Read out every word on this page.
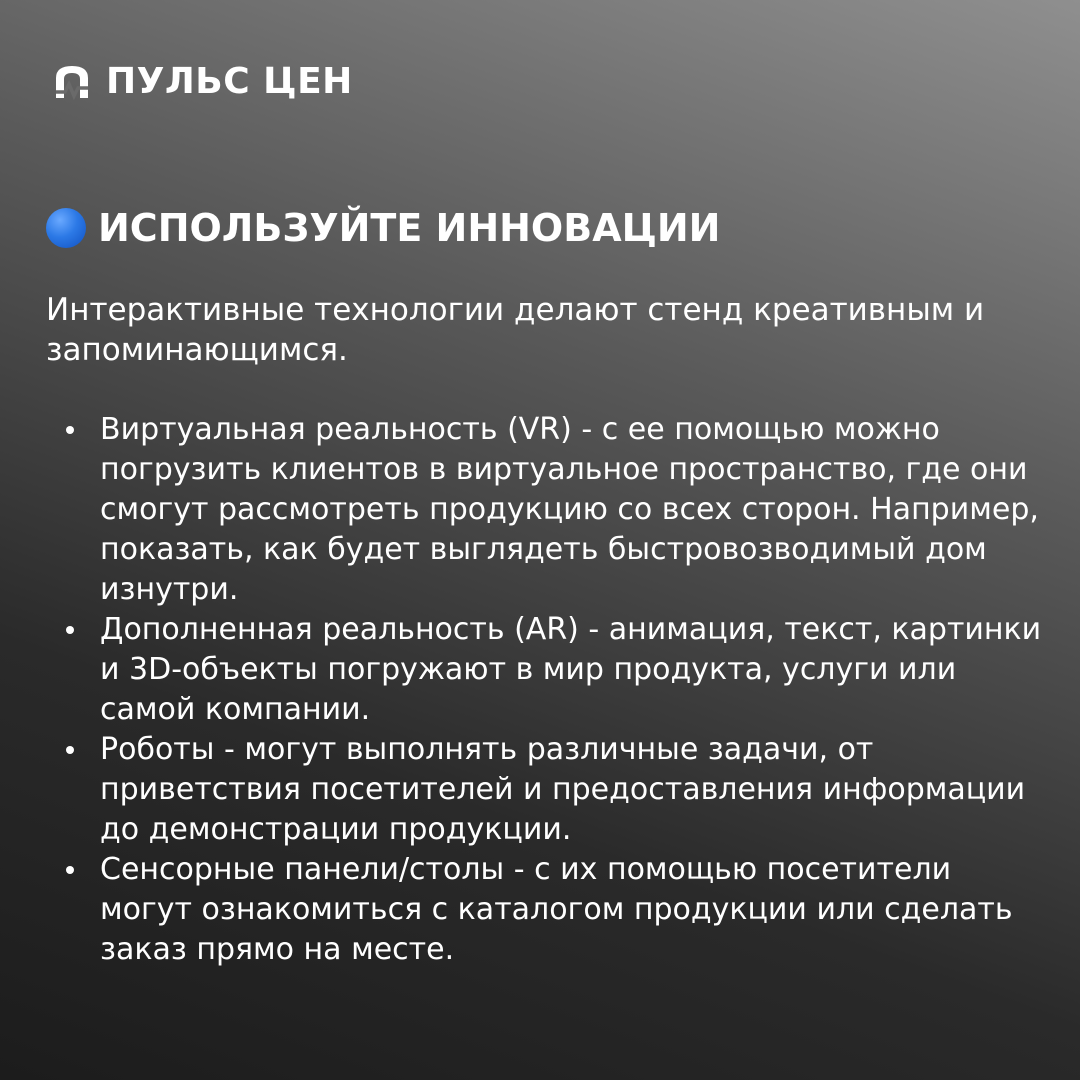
ПУЛЬС ЦЕН
ИСПОЛЬЗУЙТЕ ИННОВАЦИИ
Интерактивные технологии делают стенд креативным и запоминающимся.
Виртуальная реальность (VR) - с ее помощью можно погрузить клиентов в виртуальное пространство, где они смогут рассмотреть продукцию со всех сторон. Например, показать, как будет выглядеть быстровозводимый дом изнутри.
Дополненная реальность (AR) - анимация, текст, картинки и 3D-объекты погружают в мир продукта, услуги или самой компании.
Роботы - могут выполнять различные задачи, от приветствия посетителей и предоставления информации до демонстрации продукции.
Сенсорные панели/столы - с их помощью посетители могут ознакомиться с каталогом продукции или сделать заказ прямо на месте.
